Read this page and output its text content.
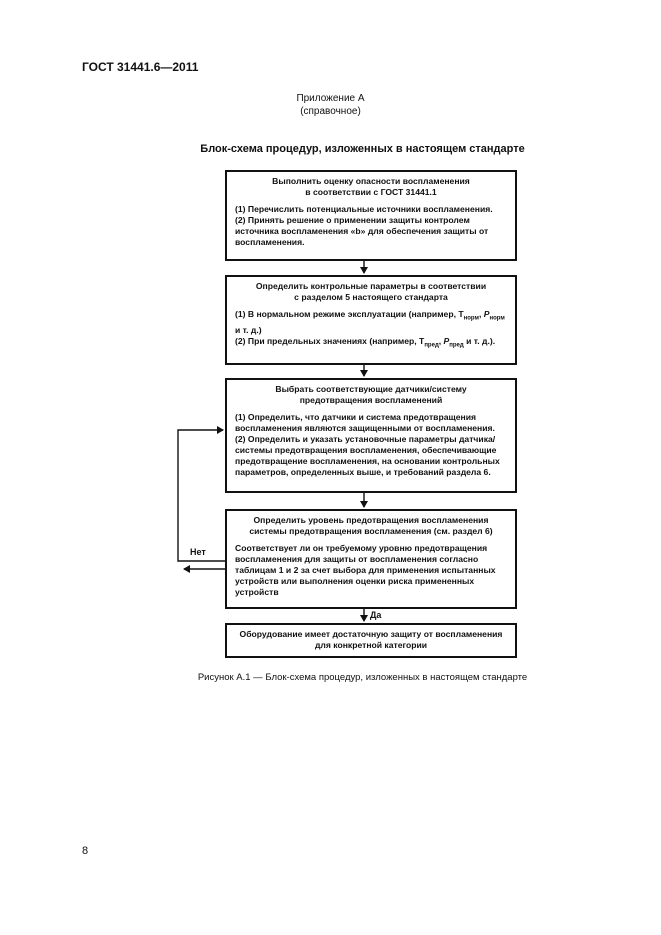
ГОСТ 31441.6—2011
Приложение А
(справочное)
Блок-схема процедур, изложенных в настоящем стандарте
Выполнить оценку опасности воспламенения
в соответствии с ГОСТ 31441.1
(1) Перечислить потенциальные источники воспламенения.
(2) Принять решение о применении защиты контролем источника воспламенения «b» для обеспечения защиты от воспламенения.
Определить контрольные параметры в соответствии
с разделом 5 настоящего стандарта
(1) В нормальном режиме эксплуатации (например, $T_{норм}$, $P_{норм}$ и т. д.)
(2) При предельных значениях (например, $T_{пред}$, $P_{пред}$ и т. д.).
Выбрать соответствующие датчики/систему
предотвращения воспламенений
(1) Определить, что датчики и система предотвращения воспламенения являются защищенными от воспламенения.
(2) Определить и указать установочные параметры датчика/системы предотвращения воспламенения, обеспечивающие предотвращение воспламенения, на основании контрольных параметров, определенных выше, и требований раздела 6.
Определить уровень предотвращения воспламенения
системы предотвращения воспламенения (см. раздел 6)
Соответствует ли он требуемому уровню предотвращения воспламенения для защиты от воспламенения согласно таблицам 1 и 2 за счет выбора для применения испытанных устройств или выполнения оценки риска примененных устройств
Оборудование имеет достаточную защиту от воспламенения
для конкретной категории
Нет
Да
Рисунок А.1 — Блок-схема процедур, изложенных в настоящем стандарте
8
